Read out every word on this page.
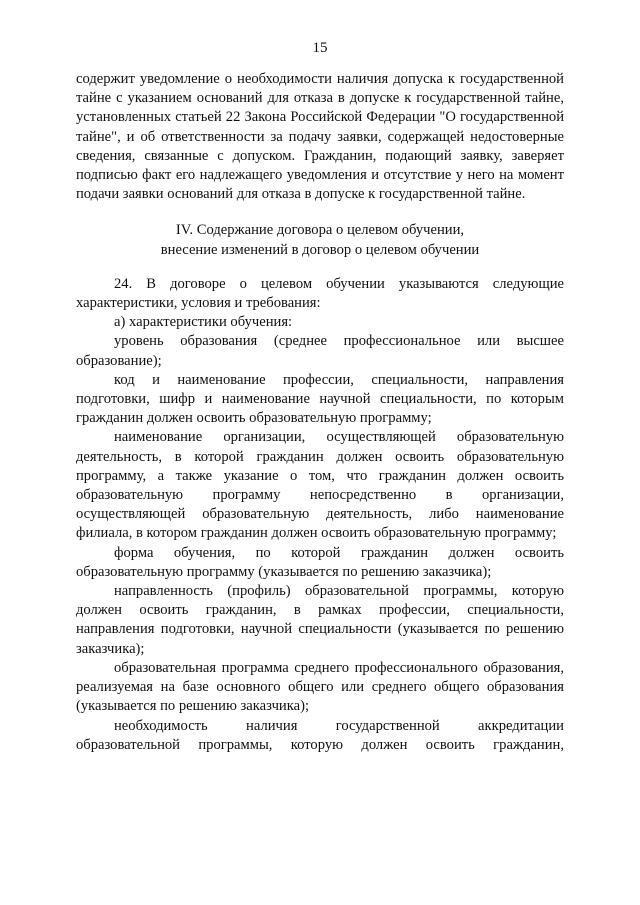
15

содержит уведомление о необходимости наличия допуска к государственной тайне с указанием оснований для отказа в допуске к государственной тайне, установленных статьей 22 Закона Российской Федерации "О государственной тайне", и об ответственности за подачу заявки, содержащей недостоверные сведения, связанные с допуском. Гражданин, подающий заявку, заверяет подписью факт его надлежащего уведомления и отсутствие у него на момент подачи заявки оснований для отказа в допуске к государственной тайне.

IV. Содержание договора о целевом обучении,
внесение изменений в договор о целевом обучении

24. В договоре о целевом обучении указываются следующие характеристики, условия и требования:

а) характеристики обучения:

уровень образования (среднее профессиональное или высшее образование);

код и наименование профессии, специальности, направления подготовки, шифр и наименование научной специальности, по которым гражданин должен освоить образовательную программу;

наименование организации, осуществляющей образовательную деятельность, в которой гражданин должен освоить образовательную программу, а также указание о том, что гражданин должен освоить образовательную программу непосредственно в организации, осуществляющей образовательную деятельность, либо наименование филиала, в котором гражданин должен освоить образовательную программу;

форма обучения, по которой гражданин должен освоить образовательную программу (указывается по решению заказчика);

направленность (профиль) образовательной программы, которую должен освоить гражданин, в рамках профессии, специальности, направления подготовки, научной специальности (указывается по решению заказчика);

образовательная программа среднего профессионального образования, реализуемая на базе основного общего или среднего общего образования (указывается по решению заказчика);

необходимость наличия государственной аккредитации образовательной программы, которую должен освоить гражданин,
